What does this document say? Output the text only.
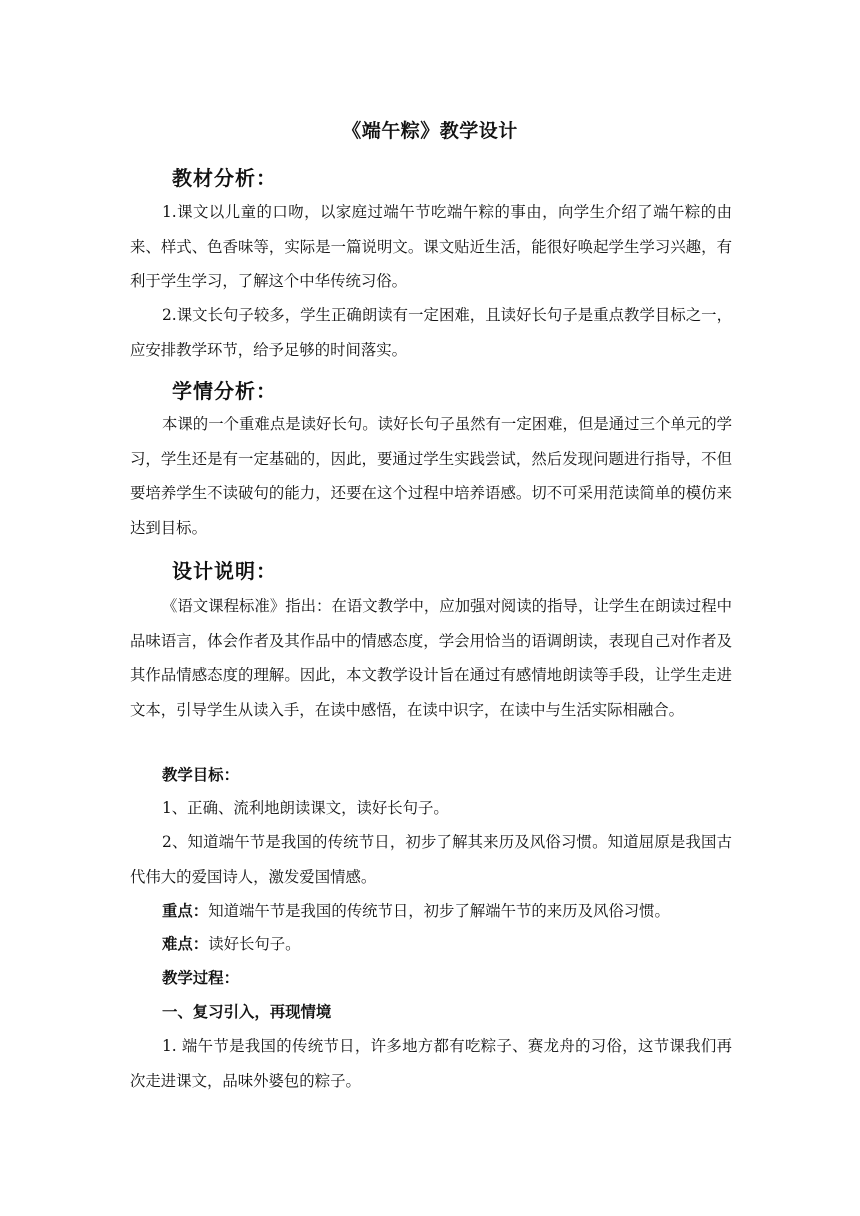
《端午粽》教学设计
教材分析：
1.课文以儿童的口吻，以家庭过端午节吃端午粽的事由，向学生介绍了端午粽的由来、样式、色香味等，实际是一篇说明文。课文贴近生活，能很好唤起学生学习兴趣，有利于学生学习，了解这个中华传统习俗。
2.课文长句子较多，学生正确朗读有一定困难，且读好长句子是重点教学目标之一，应安排教学环节，给予足够的时间落实。
学情分析：
本课的一个重难点是读好长句。读好长句子虽然有一定困难，但是通过三个单元的学习，学生还是有一定基础的，因此，要通过学生实践尝试，然后发现问题进行指导，不但要培养学生不读破句的能力，还要在这个过程中培养语感。切不可采用范读简单的模仿来达到目标。
设计说明：
《语文课程标准》指出：在语文教学中，应加强对阅读的指导，让学生在朗读过程中品味语言，体会作者及其作品中的情感态度，学会用恰当的语调朗读，表现自己对作者及其作品情感态度的理解。因此，本文教学设计旨在通过有感情地朗读等手段，让学生走进文本，引导学生从读入手，在读中感悟，在读中识字，在读中与生活实际相融合。
教学目标：
1、正确、流利地朗读课文，读好长句子。
2、知道端午节是我国的传统节日，初步了解其来历及风俗习惯。知道屈原是我国古代伟大的爱国诗人，激发爱国情感。
重点：知道端午节是我国的传统节日，初步了解端午节的来历及风俗习惯。
难点：读好长句子。
教学过程：
一、复习引入，再现情境
1. 端午节是我国的传统节日，许多地方都有吃粽子、赛龙舟的习俗，这节课我们再次走进课文，品味外婆包的粽子。
